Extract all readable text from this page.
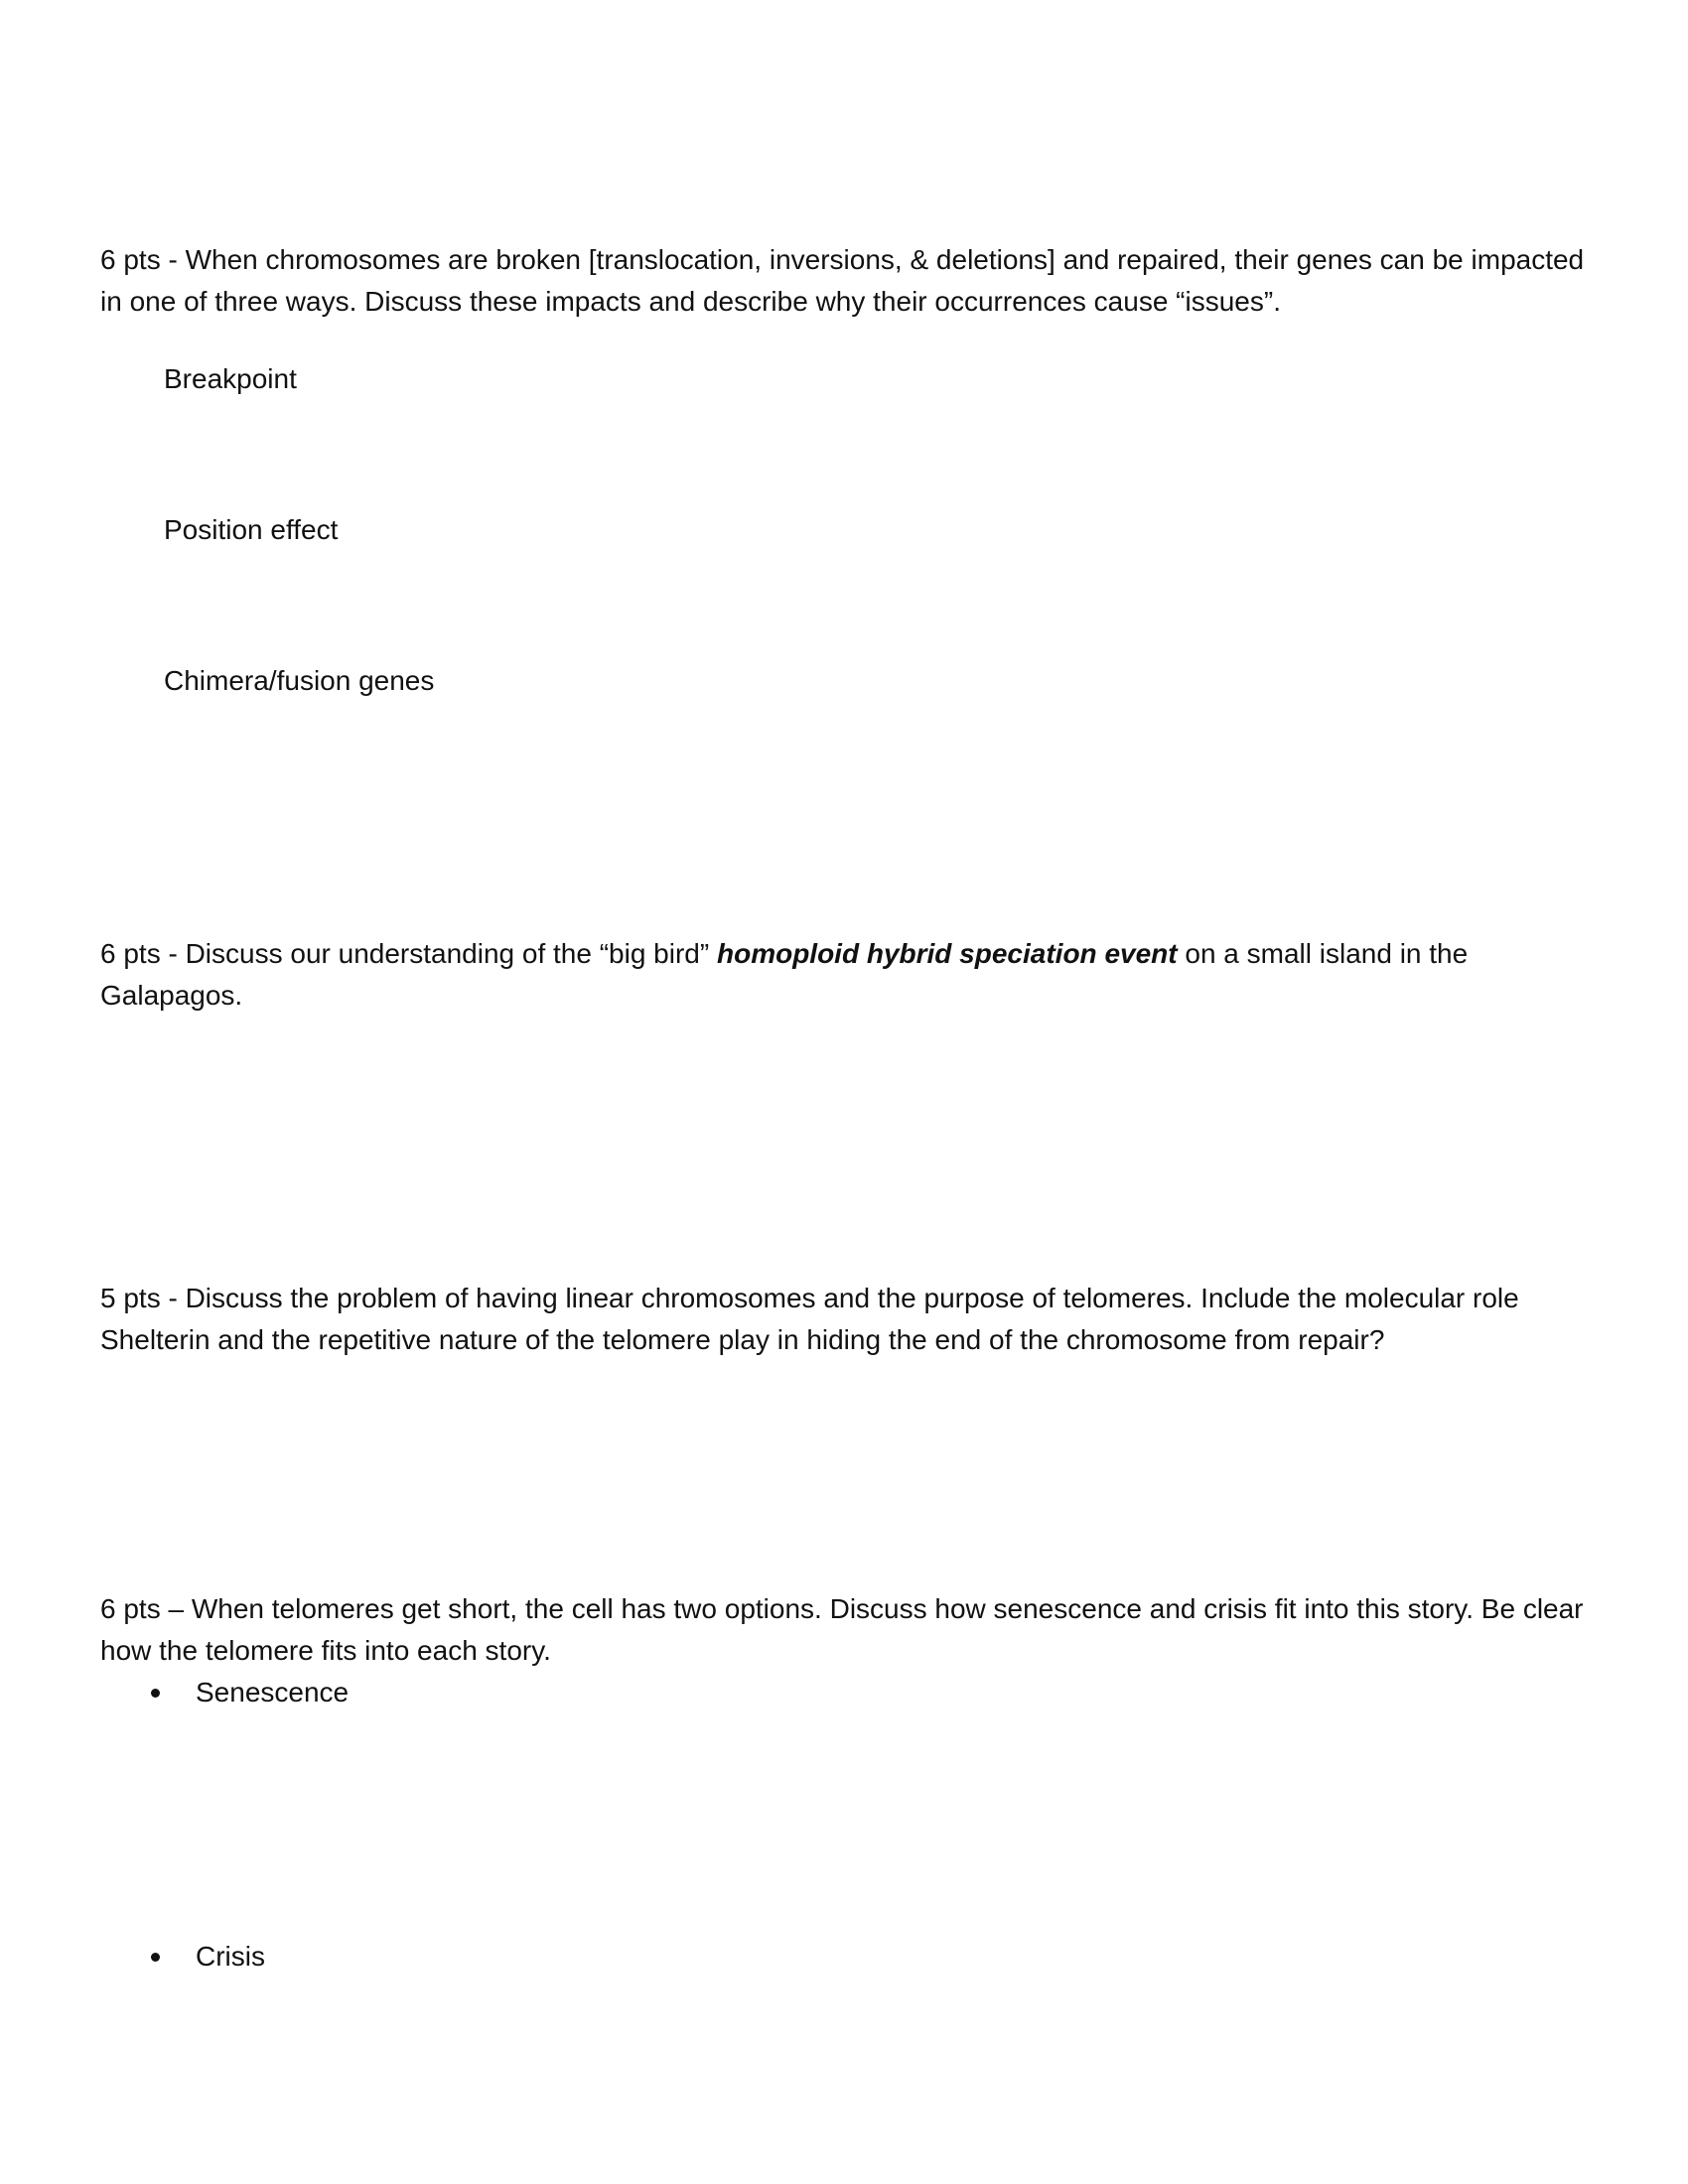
6 pts - When chromosomes are broken [translocation, inversions, & deletions] and repaired, their genes can be impacted in one of three ways. Discuss these impacts and describe why their occurrences cause “issues”.
Breakpoint
Position effect
Chimera/fusion genes
6 pts - Discuss our understanding of the “big bird” homoploid hybrid speciation event on a small island in the Galapagos.
5 pts - Discuss the problem of having linear chromosomes and the purpose of telomeres. Include the molecular role Shelterin and the repetitive nature of the telomere play in hiding the end of the chromosome from repair?
6 pts – When telomeres get short, the cell has two options. Discuss how senescence and crisis fit into this story. Be clear how the telomere fits into each story.
Senescence
Crisis
